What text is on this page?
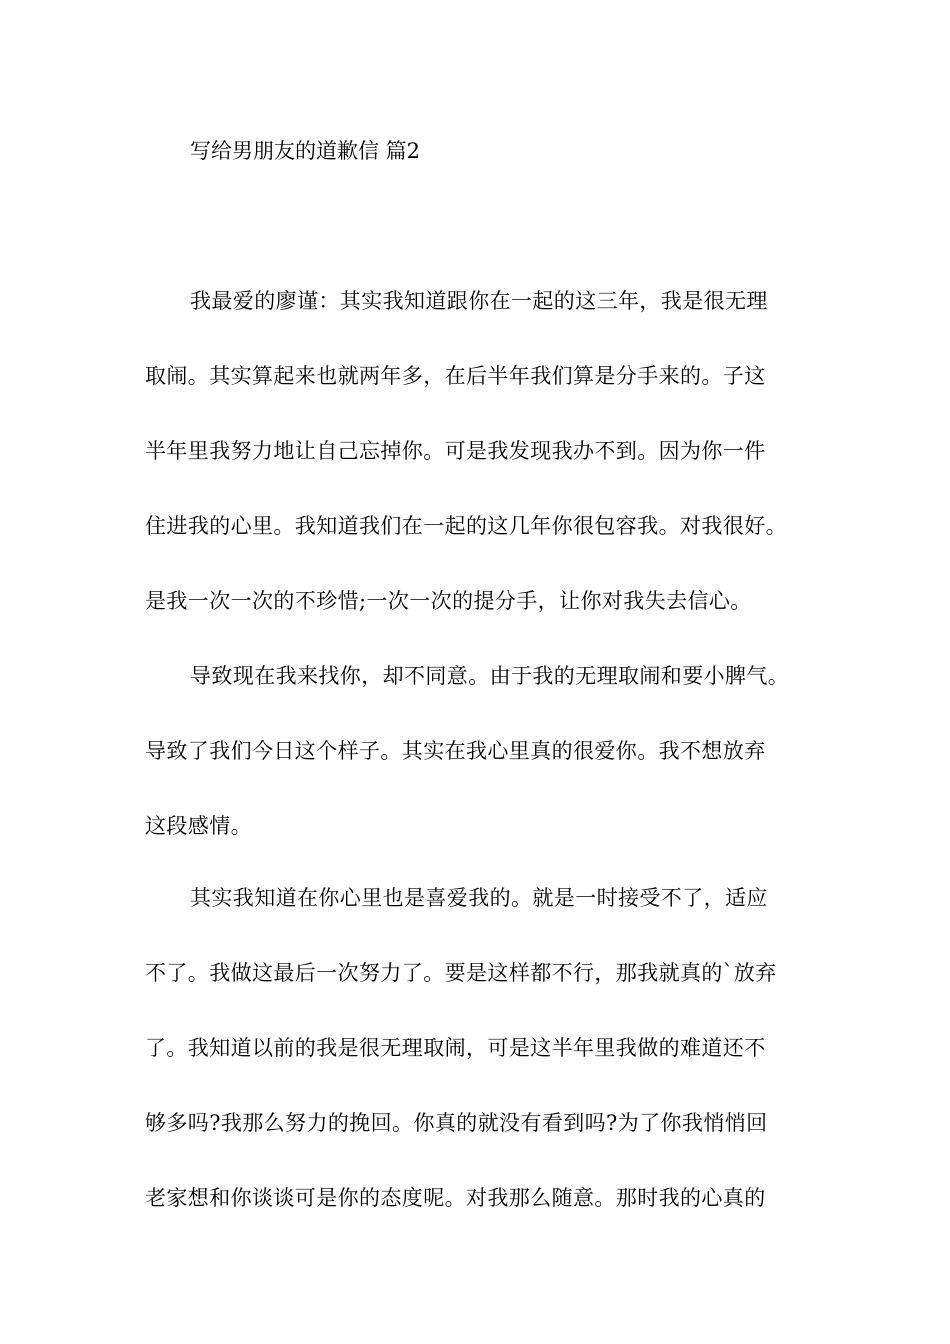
写给男朋友的道歉信 篇2
我最爱的廖谨：其实我知道跟你在一起的这三年，我是很无理
取闹。其实算起来也就两年多，在后半年我们算是分手来的。子这
半年里我努力地让自己忘掉你。可是我发现我办不到。因为你一件
住进我的心里。我知道我们在一起的这几年你很包容我。对我很好。
是我一次一次的不珍惜;一次一次的提分手，让你对我失去信心。
导致现在我来找你，却不同意。由于我的无理取闹和要小脾气。
导致了我们今日这个样子。其实在我心里真的很爱你。我不想放弃
这段感情。
其实我知道在你心里也是喜爱我的。就是一时接受不了，适应
不了。我做这最后一次努力了。要是这样都不行，那我就真的`放弃
了。我知道以前的我是很无理取闹，可是这半年里我做的难道还不
够多吗?我那么努力的挽回。你真的就没有看到吗?为了你我悄悄回
老家想和你谈谈可是你的态度呢。对我那么随意。那时我的心真的
